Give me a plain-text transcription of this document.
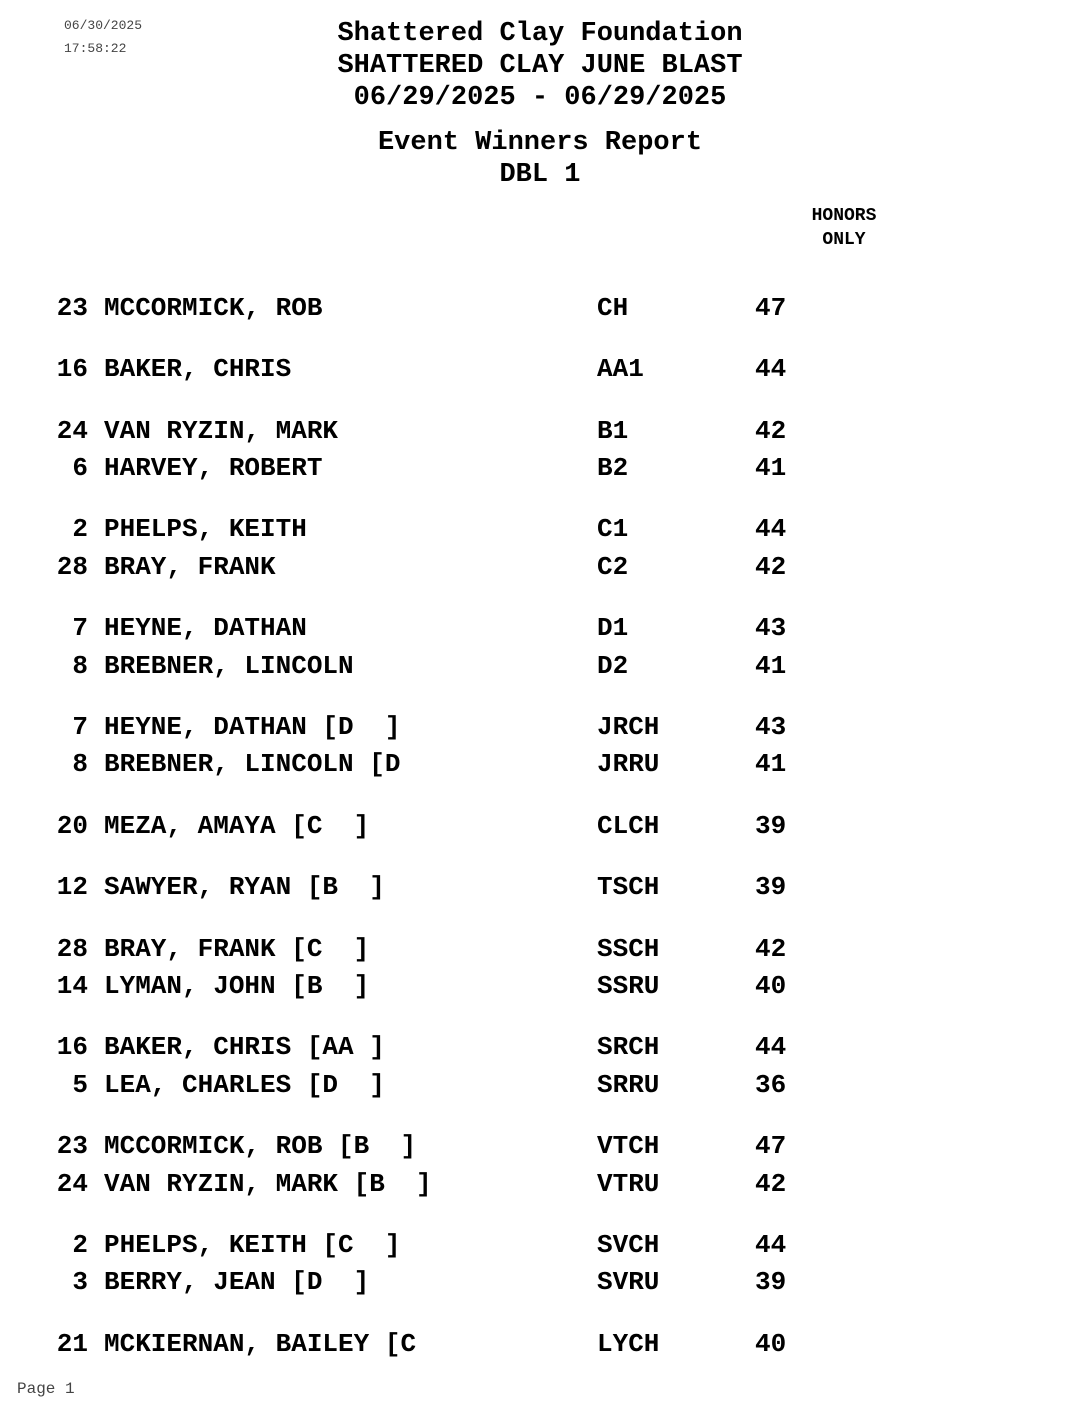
06/30/2025
17:58:22	Shattered Clay Foundation
SHATTERED CLAY JUNE BLAST
06/29/2025 - 06/29/2025
Event Winners Report
DBL 1
HONORS
ONLY
23 MCCORMICK, ROB	CH	47
16 BAKER, CHRIS	AA1	44
24 VAN RYZIN, MARK	B1	42
6 HARVEY, ROBERT	B2	41
2 PHELPS, KEITH	C1	44
28 BRAY, FRANK	C2	42
7 HEYNE, DATHAN	D1	43
8 BREBNER, LINCOLN	D2	41
7 HEYNE, DATHAN [D  ]	JRCH	43
8 BREBNER, LINCOLN [D	JRRU	41
20 MEZA, AMAYA [C  ]	CLCH	39
12 SAWYER, RYAN [B  ]	TSCH	39
28 BRAY, FRANK [C  ]	SSCH	42
14 LYMAN, JOHN [B  ]	SSRU	40
16 BAKER, CHRIS [AA ]	SRCH	44
5 LEA, CHARLES [D  ]	SRRU	36
23 MCCORMICK, ROB [B  ]	VTCH	47
24 VAN RYZIN, MARK [B  ]	VTRU	42
2 PHELPS, KEITH [C  ]	SVCH	44
3 BERRY, JEAN [D  ]	SVRU	39
21 MCKIERNAN, BAILEY [C	LYCH	40
Page 1
